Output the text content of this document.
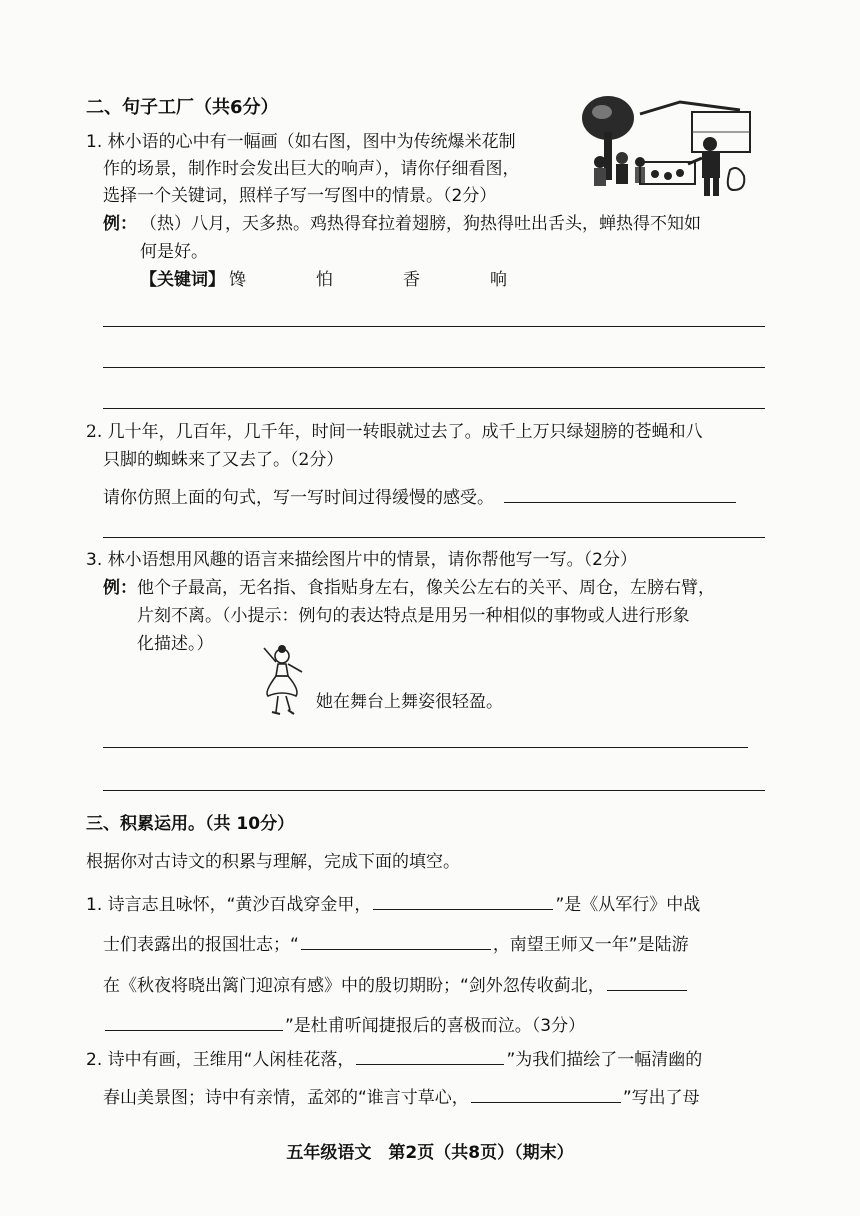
二、句子工厂（共6分）
1. 林小语的心中有一幅画（如右图，图中为传统爆米花制
作的场景，制作时会发出巨大的响声），请你仔细看图，
选择一个关键词，照样子写一写图中的情景。（2分）
例： （热）八月，天多热。鸡热得耷拉着翅膀，狗热得吐出舌头，蝉热得不知如
何是好。
【关键词】 馋	怕	香	响
2. 几十年，几百年，几千年，时间一转眼就过去了。成千上万只绿翅膀的苍蝇和八
只脚的蜘蛛来了又去了。（2分）
请你仿照上面的句式，写一写时间过得缓慢的感受。
3. 林小语想用风趣的语言来描绘图片中的情景，请你帮他写一写。（2分）
例： 他个子最高，无名指、食指贴身左右，像关公左右的关平、周仓，左膀右臂，
片刻不离。（小提示：例句的表达特点是用另一种相似的事物或人进行形象
化描述。）
她在舞台上舞姿很轻盈。
三、积累运用。（共 10分）
根据你对古诗文的积累与理解，完成下面的填空。
1. 诗言志且咏怀，“黄沙百战穿金甲，	”是《从军行》中战
士们表露出的报国壮志；“	，南望王师又一年”是陆游
在《秋夜将晓出篱门迎凉有感》中的殷切期盼；“剑外忽传收蓟北，
”是杜甫听闻捷报后的喜极而泣。（3分）
2. 诗中有画，王维用“人闲桂花落，	”为我们描绘了一幅清幽的
春山美景图；诗中有亲情，孟郊的“谁言寸草心，	”写出了母
五年级语文　第2页（共8页）（期末）
